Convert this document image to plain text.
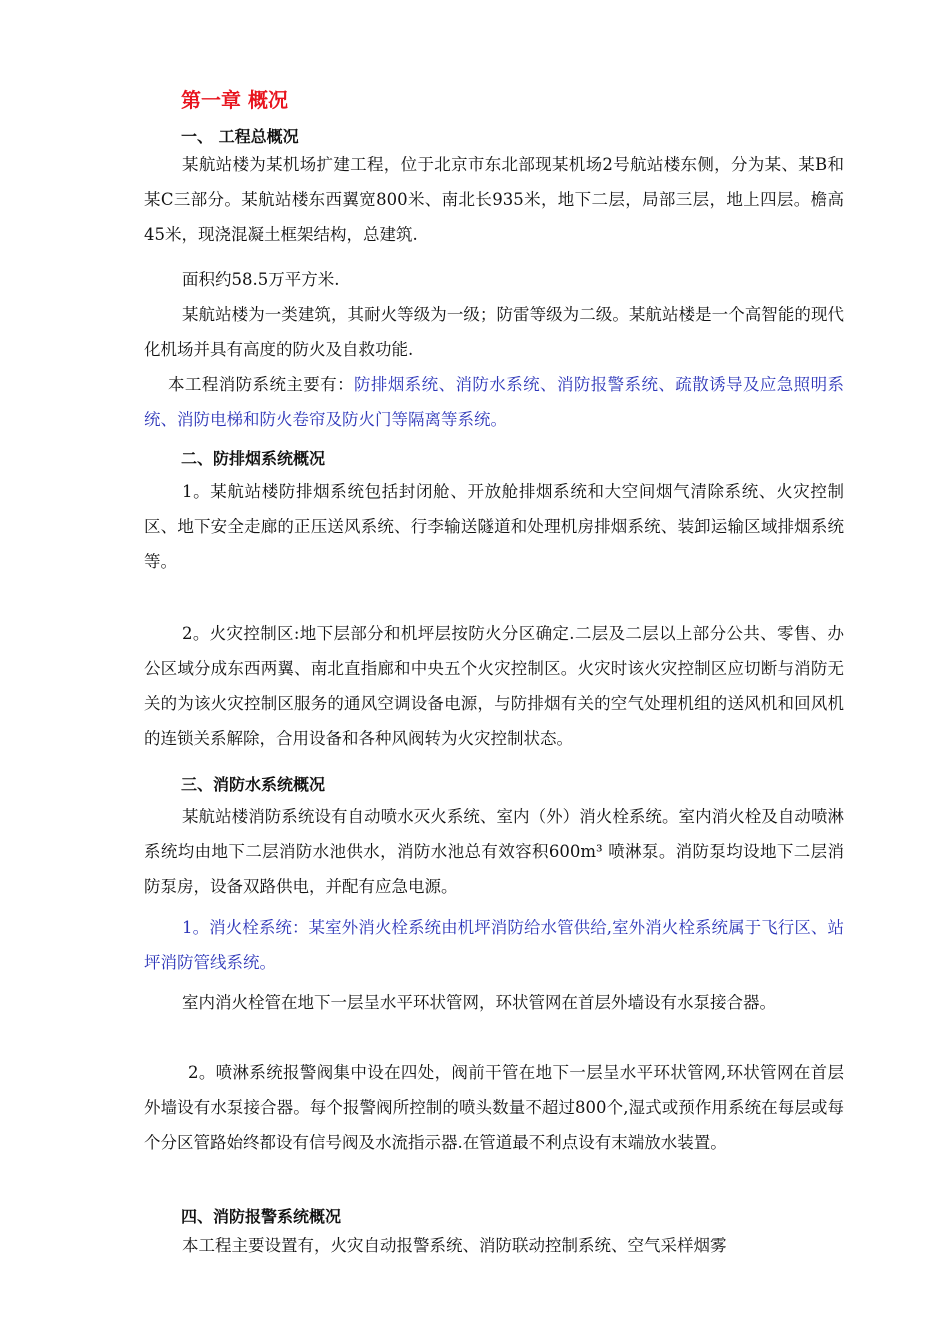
第一章 概况
一、 工程总概况

某航站楼为某机场扩建工程，位于北京市东北部现某机场2号航站楼东侧，分为某、某B和某C三部分。某航站楼东西翼宽800米、南北长935米，地下二层，局部三层，地上四层。檐高45米，现浇混凝土框架结构，总建筑.

面积约58.5万平方米.

某航站楼为一类建筑，其耐火等级为一级；防雷等级为二级。某航站楼是一个高智能的现代化机场并具有高度的防火及自救功能.

本工程消防系统主要有：防排烟系统、消防水系统、消防报警系统、疏散诱导及应急照明系统、消防电梯和防火卷帘及防火门等隔离等系统。

二、防排烟系统概况

1。某航站楼防排烟系统包括封闭舱、开放舱排烟系统和大空间烟气清除系统、火灾控制区、地下安全走廊的正压送风系统、行李输送隧道和处理机房排烟系统、装卸运输区域排烟系统等。

2。火灾控制区:地下层部分和机坪层按防火分区确定.二层及二层以上部分公共、零售、办公区域分成东西两翼、南北直指廊和中央五个火灾控制区。火灾时该火灾控制区应切断与消防无关的为该火灾控制区服务的通风空调设备电源，与防排烟有关的空气处理机组的送风机和回风机的连锁关系解除，合用设备和各种风阀转为火灾控制状态。

三、消防水系统概况

某航站楼消防系统设有自动喷水灭火系统、室内（外）消火栓系统。室内消火栓及自动喷淋系统均由地下二层消防水池供水，消防水池总有效容积600m³ 喷淋泵。消防泵均设地下二层消防泵房，设备双路供电，并配有应急电源。

1。消火栓系统：某室外消火栓系统由机坪消防给水管供给,室外消火栓系统属于飞行区、站坪消防管线系统。

室内消火栓管在地下一层呈水平环状管网，环状管网在首层外墙设有水泵接合器。

2。喷淋系统报警阀集中设在四处，阀前干管在地下一层呈水平环状管网,环状管网在首层外墙设有水泵接合器。每个报警阀所控制的喷头数量不超过800个,湿式或预作用系统在每层或每个分区管路始终都设有信号阀及水流指示器.在管道最不利点设有末端放水装置。

四、消防报警系统概况

本工程主要设置有，火灾自动报警系统、消防联动控制系统、空气采样烟雾
